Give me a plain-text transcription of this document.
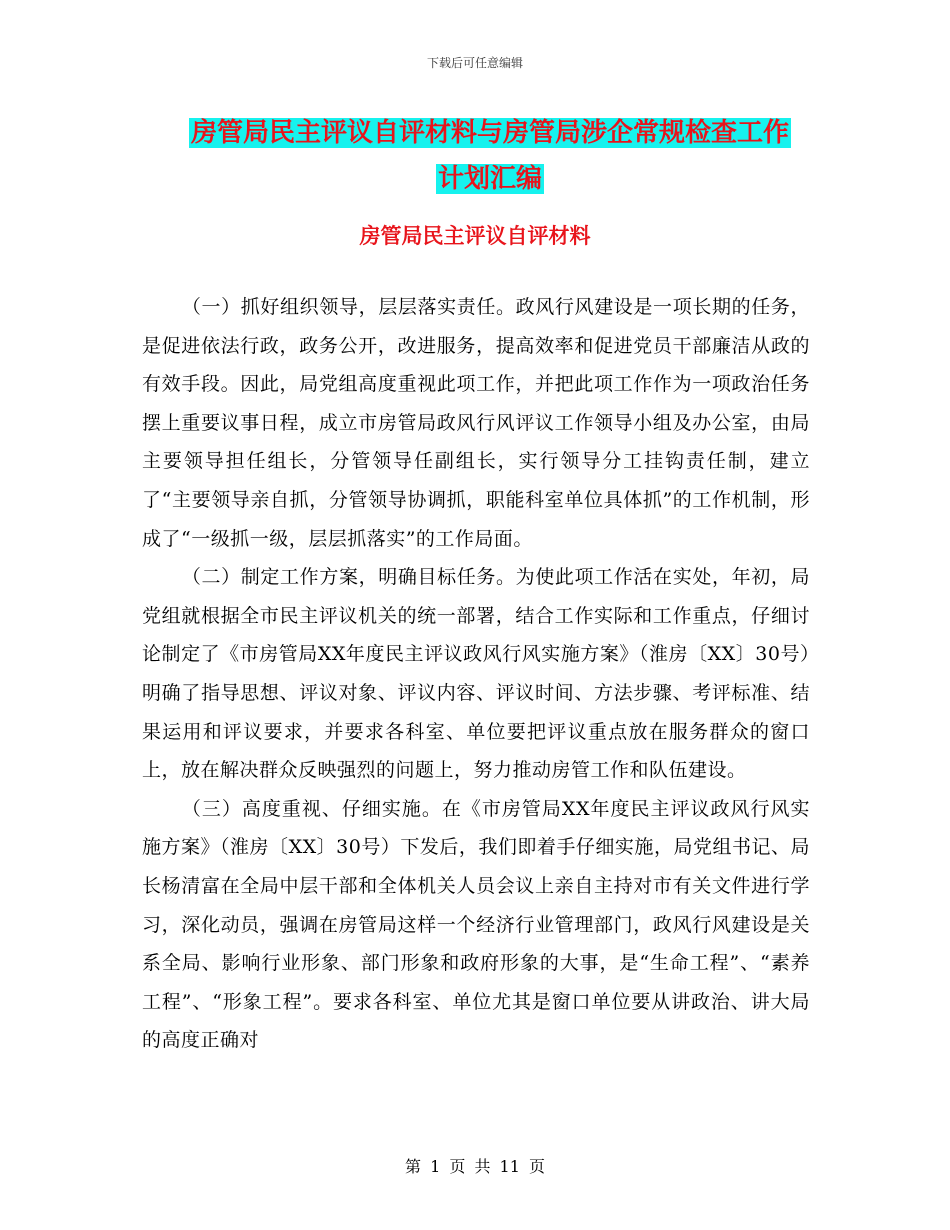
下载后可任意编辑
房管局民主评议自评材料与房管局涉企常规检查工作
计划汇编
房管局民主评议自评材料

（一）抓好组织领导，层层落实责任。政风行风建设是一项长期的任务，是促进依法行政，政务公开，改进服务，提高效率和促进党员干部廉洁从政的有效手段。因此，局党组高度重视此项工作，并把此项工作作为一项政治任务摆上重要议事日程，成立市房管局政风行风评议工作领导小组及办公室，由局主要领导担任组长，分管领导任副组长，实行领导分工挂钩责任制，建立了“主要领导亲自抓，分管领导协调抓，职能科室单位具体抓”的工作机制，形成了“一级抓一级，层层抓落实”的工作局面。

（二）制定工作方案，明确目标任务。为使此项工作活在实处，年初，局党组就根据全市民主评议机关的统一部署，结合工作实际和工作重点，仔细讨论制定了《市房管局XX年度民主评议政风行风实施方案》（淮房〔XX〕30号）明确了指导思想、评议对象、评议内容、评议时间、方法步骤、考评标准、结果运用和评议要求，并要求各科室、单位要把评议重点放在服务群众的窗口上，放在解决群众反映强烈的问题上，努力推动房管工作和队伍建设。

（三）高度重视、仔细实施。在《市房管局XX年度民主评议政风行风实施方案》（淮房〔XX〕30号）下发后，我们即着手仔细实施，局党组书记、局长杨清富在全局中层干部和全体机关人员会议上亲自主持对市有关文件进行学习，深化动员，强调在房管局这样一个经济行业管理部门，政风行风建设是关系全局、影响行业形象、部门形象和政府形象的大事，是“生命工程”、“素养工程”、“形象工程”。要求各科室、单位尤其是窗口单位要从讲政治、讲大局的高度正确对

第 1 页 共 11 页
